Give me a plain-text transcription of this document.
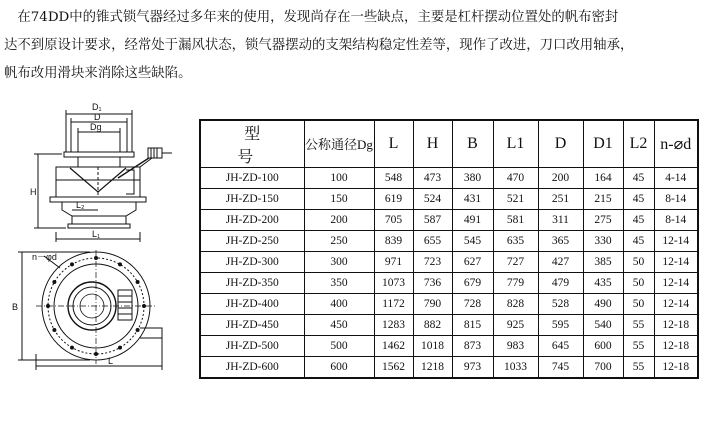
　在74DD中的锥式锁气器经过多年来的使用，发现尚存在一些缺点，主要是杠杆摆动位置处的帆布密封
达不到原设计要求，经常处于漏风状态，锁气器摆动的支架结构稳定性差等，现作了改进，刀口改用轴承，
帆布改用滑块来消除这些缺陷。
D₁
D
Dg
H
L₂
L₁
n－φd
B
L
型　号	公称通径Dg	L	H	B	L1	D	D1	L2	n-⌀d
JH-ZD-100	100	548	473	380	470	200	164	45	4-14
JH-ZD-150	150	619	524	431	521	251	215	45	8-14
JH-ZD-200	200	705	587	491	581	311	275	45	8-14
JH-ZD-250	250	839	655	545	635	365	330	45	12-14
JH-ZD-300	300	971	723	627	727	427	385	50	12-14
JH-ZD-350	350	1073	736	679	779	479	435	50	12-14
JH-ZD-400	400	1172	790	728	828	528	490	50	12-14
JH-ZD-450	450	1283	882	815	925	595	540	55	12-18
JH-ZD-500	500	1462	1018	873	983	645	600	55	12-18
JH-ZD-600	600	1562	1218	973	1033	745	700	55	12-18
